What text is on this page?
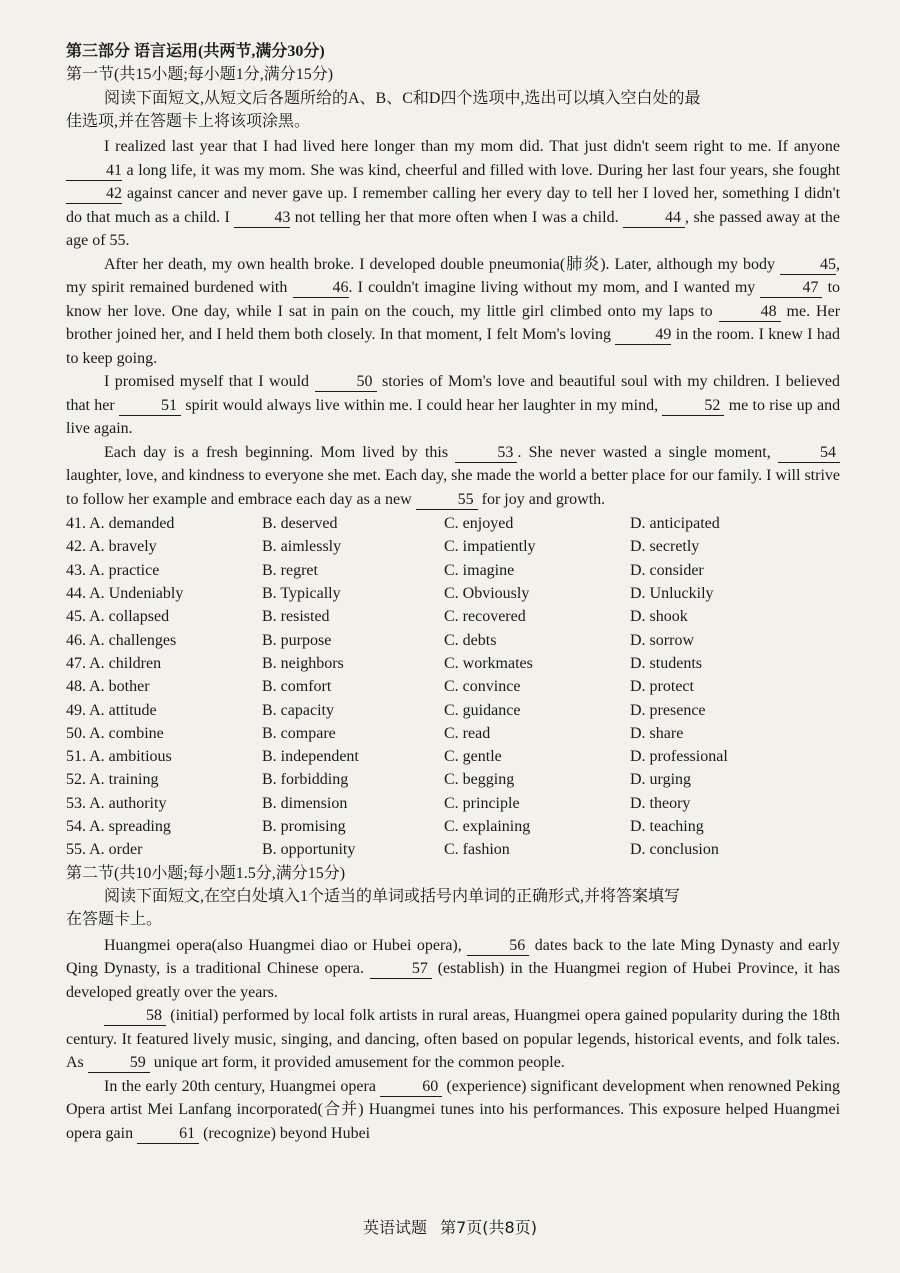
第三部分 语言运用(共两节,满分30分)
第一节(共15小题;每小题1分,满分15分)
阅读下面短文,从短文后各题所给的A、B、C和D四个选项中,选出可以填入空白处的最
佳选项,并在答题卡上将该项涂黑。

I realized last year that I had lived here longer than my mom did. That just didn't seem right to me. If anyone 41 a long life, it was my mom. She was kind, cheerful and filled with love. During her last four years, she fought 42 against cancer and never gave up. I remember calling her every day to tell her I loved her, something I didn't do that much as a child. I	43 not telling her that more often when I was a child.	44 , she passed away at the age of 55.

After her death, my own health broke. I developed double pneumonia(肺炎). Later, although my body	45, my spirit remained burdened with	46. I couldn't imagine living without my mom, and I wanted my	47 to know her love. One day, while I sat in pain on the couch, my little girl climbed onto my laps to	48 me. Her brother joined her, and I held them both closely. In that moment, I felt Mom's loving	49 in the room. I knew I had to keep going.

I promised myself that I would	50 stories of Mom's love and beautiful soul with my children. I believed that her	51 spirit would always live within me. I could hear her laughter in my mind,	52 me to rise up and live again.

Each day is a fresh beginning. Mom lived by this	53 . She never wasted a single moment,	54 laughter, love, and kindness to everyone she met. Each day, she made the world a better place for our family. I will strive to follow her example and embrace each day as a new	55 for joy and growth.

41. A. demanded	B. deserved	C. enjoyed	D. anticipated
42. A. bravely	B. aimlessly	C. impatiently	D. secretly
43. A. practice	B. regret	C. imagine	D. consider
44. A. Undeniably	B. Typically	C. Obviously	D. Unluckily
45. A. collapsed	B. resisted	C. recovered	D. shook
46. A. challenges	B. purpose	C. debts	D. sorrow
47. A. children	B. neighbors	C. workmates	D. students
48. A. bother	B. comfort	C. convince	D. protect
49. A. attitude	B. capacity	C. guidance	D. presence
50. A. combine	B. compare	C. read	D. share
51. A. ambitious	B. independent	C. gentle	D. professional
52. A. training	B. forbidding	C. begging	D. urging
53. A. authority	B. dimension	C. principle	D. theory
54. A. spreading	B. promising	C. explaining	D. teaching
55. A. order	B. opportunity	C. fashion	D. conclusion
第二节(共10小题;每小题1.5分,满分15分)
阅读下面短文,在空白处填入1个适当的单词或括号内单词的正确形式,并将答案填写
在答题卡上。

Huangmei opera(also Huangmei diao or Hubei opera),	56 dates back to the late Ming Dynasty and early Qing Dynasty, is a traditional Chinese opera.	57 (establish) in the Huangmei region of Hubei Province, it has developed greatly over the years.

58 (initial) performed by local folk artists in rural areas, Huangmei opera gained popularity during the 18th century. It featured lively music, singing, and dancing, often based on popular legends, historical events, and folk tales. As	59 unique art form, it provided amusement for the common people.

In the early 20th century, Huangmei opera	60 (experience) significant development when renowned Peking Opera artist Mei Lanfang incorporated(合并) Huangmei tunes into his performances. This exposure helped Huangmei opera gain	61 (recognize) beyond Hubei

英语试题 第7页(共8页)
